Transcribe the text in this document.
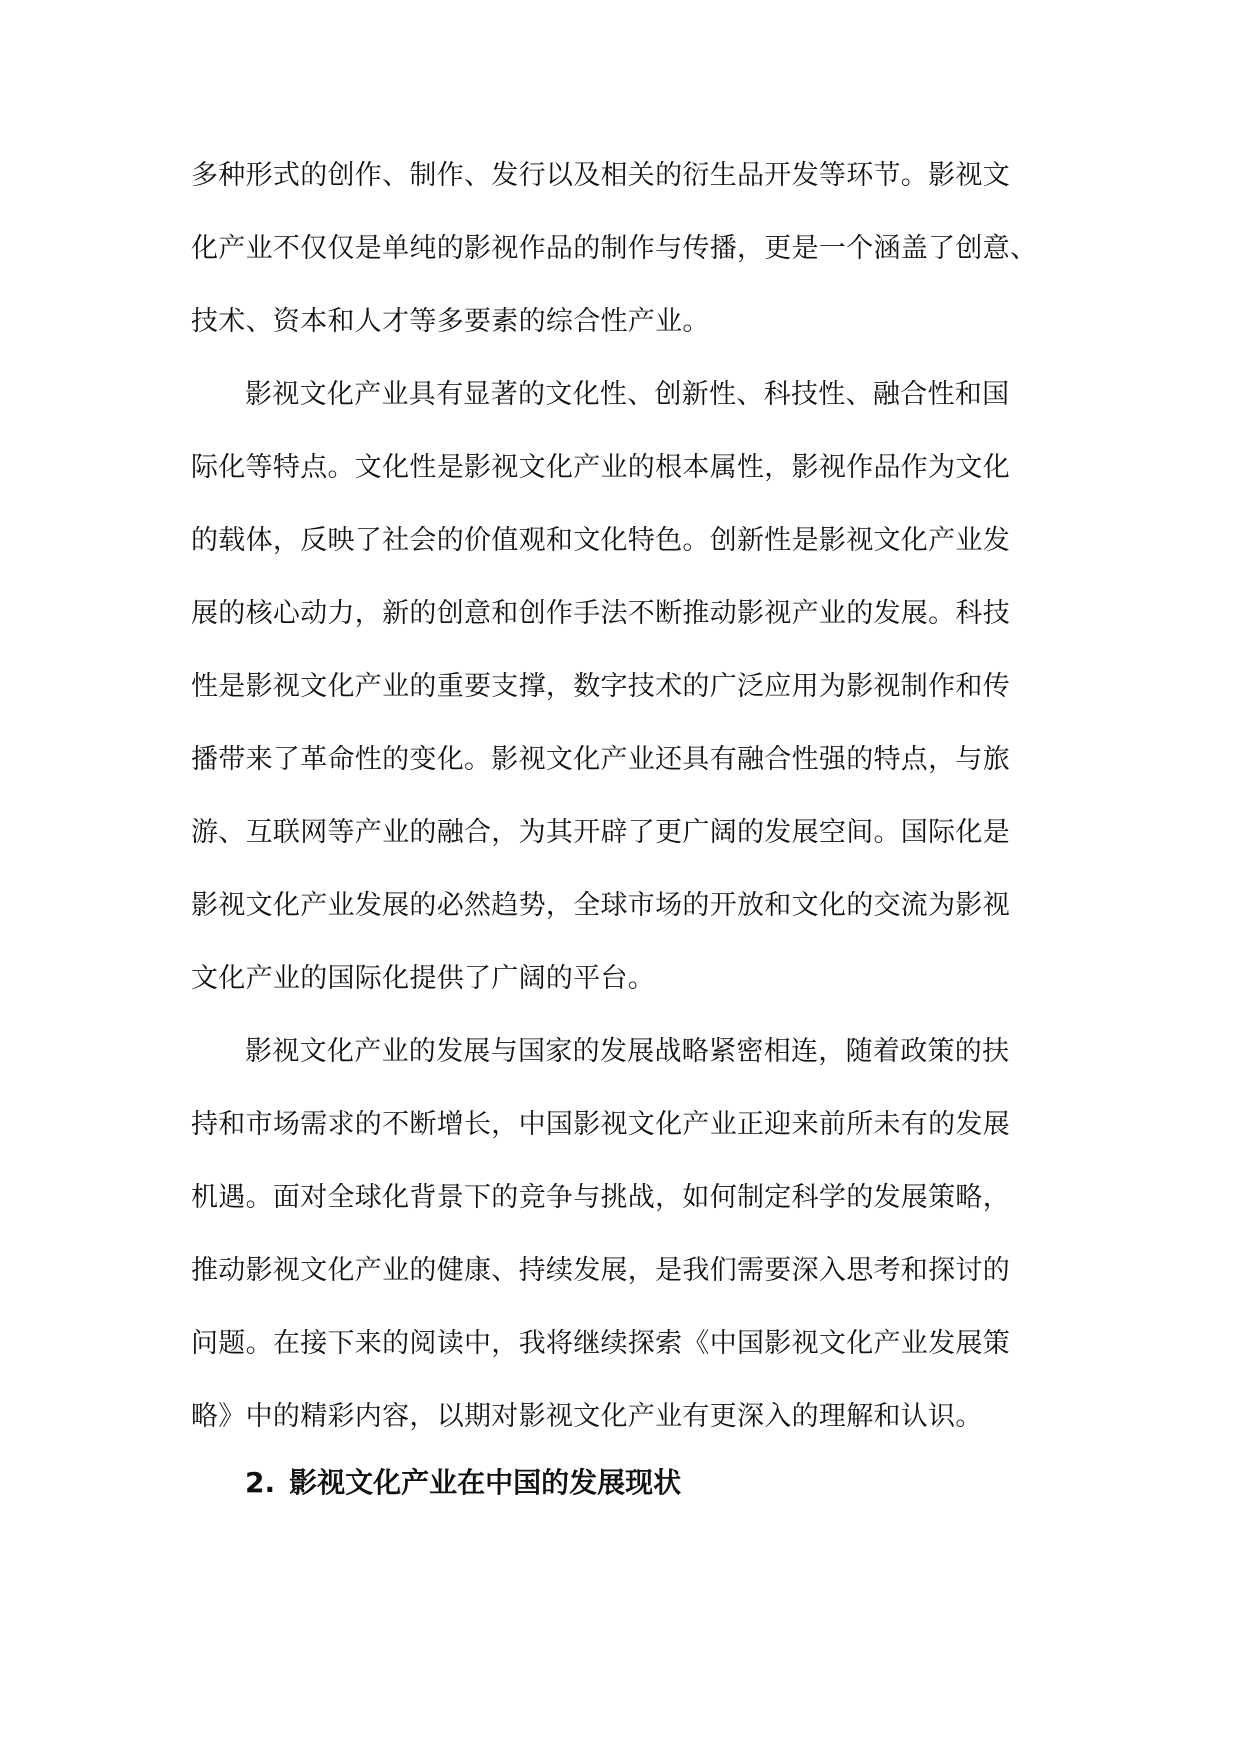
多种形式的创作、制作、发行以及相关的衍生品开发等环节。影视文
化产业不仅仅是单纯的影视作品的制作与传播，更是一个涵盖了创意、
技术、资本和人才等多要素的综合性产业。
影视文化产业具有显著的文化性、创新性、科技性、融合性和国
际化等特点。文化性是影视文化产业的根本属性，影视作品作为文化
的载体，反映了社会的价值观和文化特色。创新性是影视文化产业发
展的核心动力，新的创意和创作手法不断推动影视产业的发展。科技
性是影视文化产业的重要支撑，数字技术的广泛应用为影视制作和传
播带来了革命性的变化。影视文化产业还具有融合性强的特点，与旅
游、互联网等产业的融合，为其开辟了更广阔的发展空间。国际化是
影视文化产业发展的必然趋势，全球市场的开放和文化的交流为影视
文化产业的国际化提供了广阔的平台。
影视文化产业的发展与国家的发展战略紧密相连，随着政策的扶
持和市场需求的不断增长，中国影视文化产业正迎来前所未有的发展
机遇。面对全球化背景下的竞争与挑战，如何制定科学的发展策略，
推动影视文化产业的健康、持续发展，是我们需要深入思考和探讨的
问题。在接下来的阅读中，我将继续探索《中国影视文化产业发展策
略》中的精彩内容，以期对影视文化产业有更深入的理解和认识。
2. 影视文化产业在中国的发展现状
